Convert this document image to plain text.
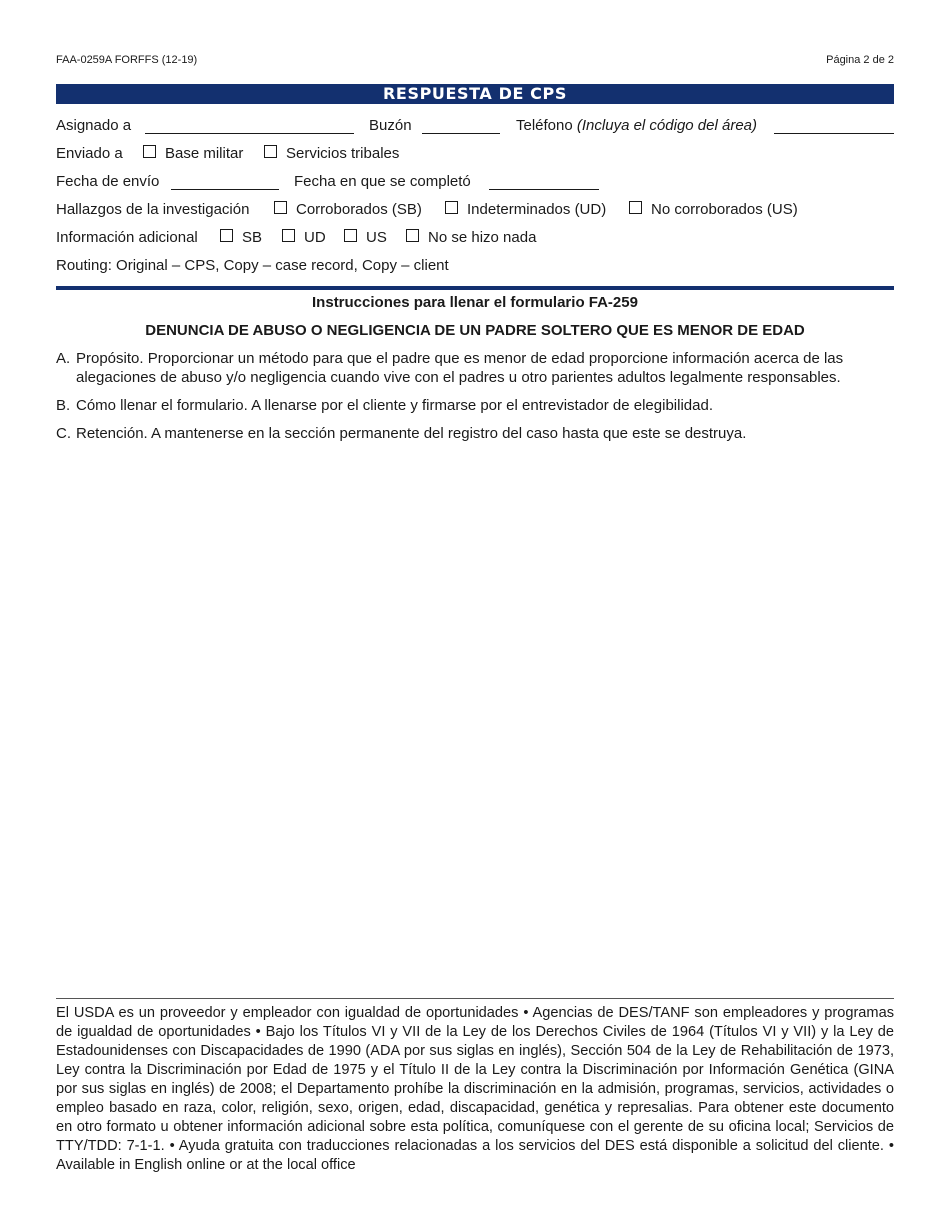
FAA-0259A FORFFS (12-19)	Página 2 de 2
RESPUESTA DE CPS
Asignado a	Buzón	Teléfono (Incluya el código del área)
Enviado a	Base militar	Servicios tribales
Fecha de envío	Fecha en que se completó
Hallazgos de la investigación	Corroborados (SB)	Indeterminados (UD)	No corroborados (US)
Información adicional	SB	UD	US	No se hizo nada
Routing: Original – CPS, Copy – case record, Copy – client
Instrucciones para llenar el formulario FA-259
DENUNCIA DE ABUSO O NEGLIGENCIA DE UN PADRE SOLTERO QUE ES MENOR DE EDAD
A. Propósito. Proporcionar un método para que el padre que es menor de edad proporcione información acerca de las alegaciones de abuso y/o negligencia cuando vive con el padres u otro parientes adultos legalmente responsables.
B. Cómo llenar el formulario. A llenarse por el cliente y firmarse por el entrevistador de elegibilidad.
C. Retención. A mantenerse en la sección permanente del registro del caso hasta que este se destruya.
El USDA es un proveedor y empleador con igualdad de oportunidades • Agencias de DES/TANF son empleadores y programas de igualdad de oportunidades • Bajo los Títulos VI y VII de la Ley de los Derechos Civiles de 1964 (Títulos VI y VII) y la Ley de Estadounidenses con Discapacidades de 1990 (ADA por sus siglas en inglés), Sección 504 de la Ley de Rehabilitación de 1973, Ley contra la Discriminación por Edad de 1975 y el Título II de la Ley contra la Discriminación por Información Genética (GINA por sus siglas en inglés) de 2008; el Departamento prohíbe la discriminación en la admisión, programas, servicios, actividades o empleo basado en raza, color, religión, sexo, origen, edad, discapacidad, genética y represalias. Para obtener este documento en otro formato u obtener información adicional sobre esta política, comuníquese con el gerente de su oficina local; Servicios de TTY/TDD: 7-1-1. • Ayuda gratuita con traducciones relacionadas a los servicios del DES está disponible a solicitud del cliente. • Available in English online or at the local office
